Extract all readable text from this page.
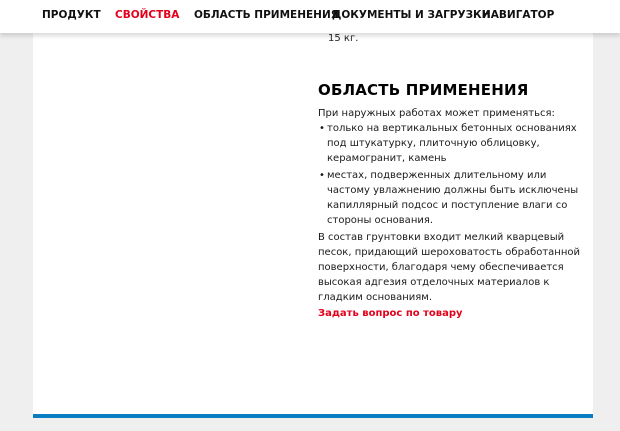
ПРОДУКТ СВОЙСТВА ОБЛАСТЬ ПРИМЕНЕНИЯ
ДОКУМЕНТЫ И ЗАГРУЗКИ
НАВИГАТОР
15 кг.
ОБЛАСТЬ ПРИМЕНЕНИЯ

При наружных работах может применяться:

• только на вертикальных бетонных основаниях под штукатурку, плиточную облицовку, керамогранит, камень
• местах, подверженных длительному или частому увлажнению должны быть исключены капиллярный подсос и поступление влаги со стороны основания.

В состав грунтовки входит мелкий кварцевый песок, придающий шероховатость обработанной поверхности, благодаря чему обеспечивается высокая адгезия отделочных материалов к гладким основаниям.

Задать вопрос по товару
